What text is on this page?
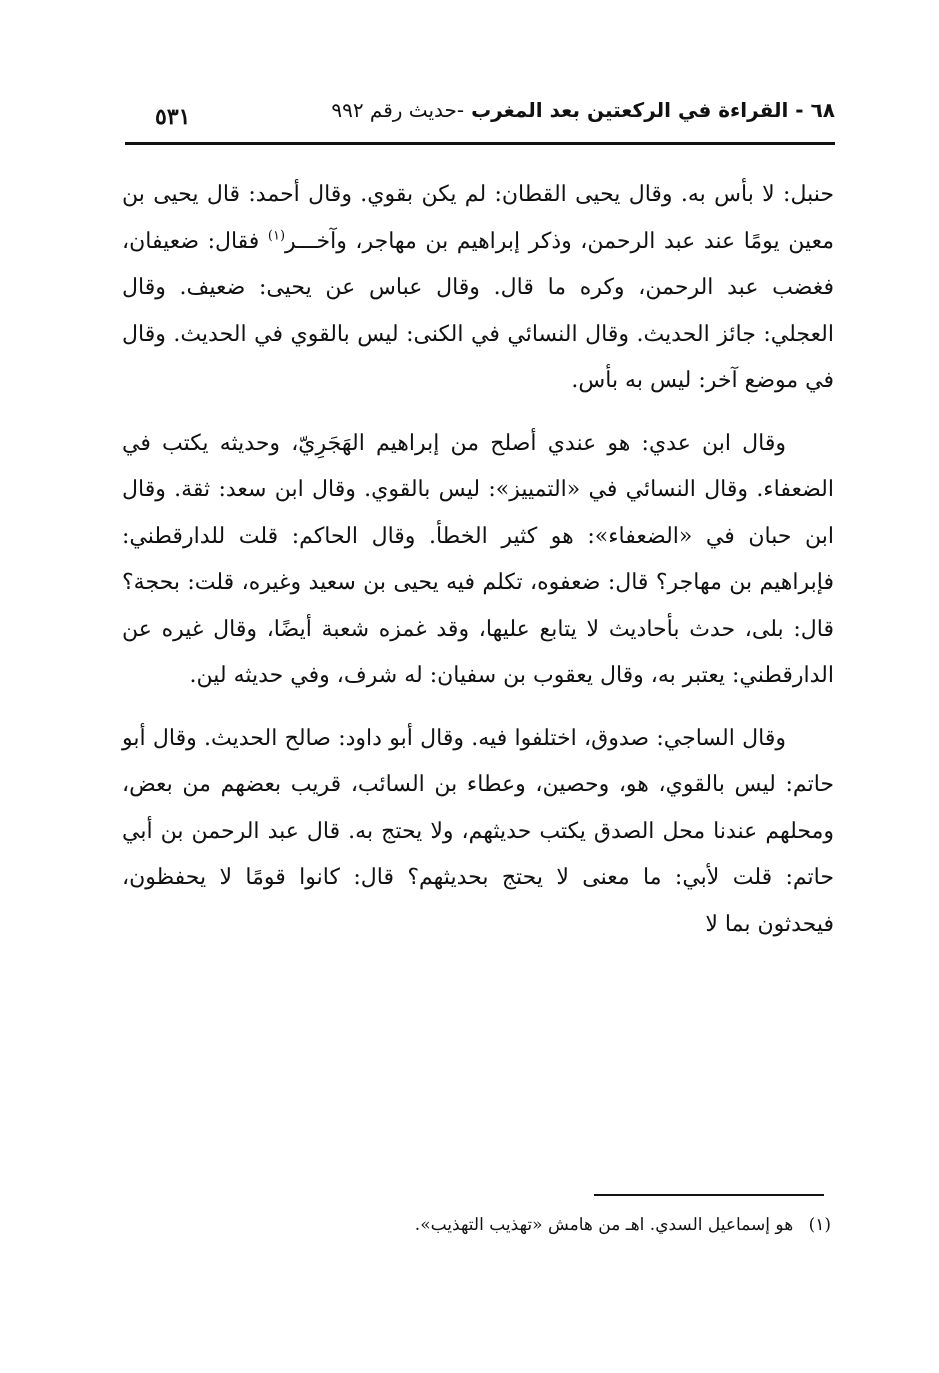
٦٨ - القراءة في الركعتين بعد المغرب -حديث رقم ٩٩٢
٥٣١

حنبل: لا بأس به. وقال يحيى القطان: لم يكن بقوي. وقال أحمد: قال يحيى بن معين يومًا عند عبد الرحمن، وذكر إبراهيم بن مهاجر، وآخـــر$^{(١)}$ فقال: ضعيفان، فغضب عبد الرحمن، وكره ما قال. وقال عباس عن يحيى: ضعيف. وقال العجلي: جائز الحديث. وقال النسائي في الكنى: ليس بالقوي في الحديث. وقال في موضع آخر: ليس به بأس.

وقال ابن عدي: هو عندي أصلح من إبراهيم الهَجَرِيّ، وحديثه يكتب في الضعفاء. وقال النسائي في «التمييز»: ليس بالقوي. وقال ابن سعد: ثقة. وقال ابن حبان في «الضعفاء»: هو كثير الخطأ. وقال الحاكم: قلت للدارقطني: فإبراهيم بن مهاجر؟ قال: ضعفوه، تكلم فيه يحيى بن سعيد وغيره، قلت: بحجة؟ قال: بلى، حدث بأحاديث لا يتابع عليها، وقد غمزه شعبة أيضًا، وقال غيره عن الدارقطني: يعتبر به، وقال يعقوب بن سفيان: له شرف، وفي حديثه لين.

وقال الساجي: صدوق، اختلفوا فيه. وقال أبو داود: صالح الحديث. وقال أبو حاتم: ليس بالقوي، هو، وحصين، وعطاء بن السائب، قريب بعضهم من بعض، ومحلهم عندنا محل الصدق يكتب حديثهم، ولا يحتج به. قال عبد الرحمن بن أبي حاتم: قلت لأبي: ما معنى لا يحتج بحديثهم؟ قال: كانوا قومًا لا يحفظون، فيحدثون بما لا

(١) هو إسماعيل السدي. اهـ من هامش «تهذيب التهذيب».
